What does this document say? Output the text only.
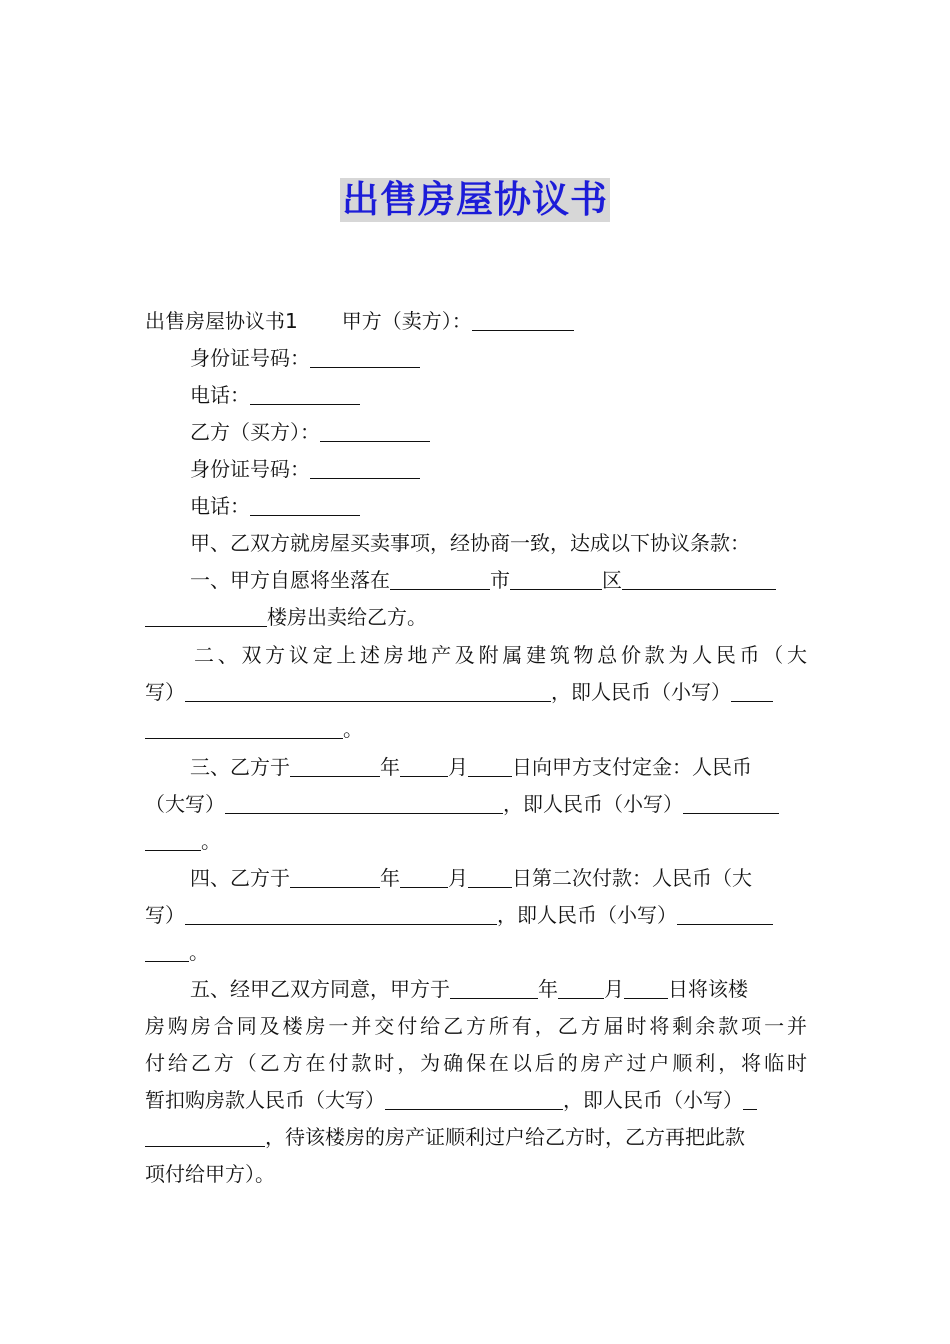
出售房屋协议书
出售房屋协议书1 甲方（卖方）：
身份证号码：
电话：
乙方（买方）：
身份证号码：
电话：
甲、乙双方就房屋买卖事项，经协商一致，达成以下协议条款：
一、甲方自愿将坐落在	市	区
楼房出卖给乙方。
二、双方议定上述房地产及附属建筑物总价款为人民币（大
写）	，即人民币（小写）
。
三、乙方于	年 月 日向甲方支付定金：人民币
（大写）	，即人民币（小写）
。
四、乙方于	年 月 日第二次付款：人民币（大
写）	，即人民币（小写）
。
五、经甲乙双方同意，甲方于	年 月 日将该楼
房购房合同及楼房一并交付给乙方所有，乙方届时将剩余款项一并
付给乙方（乙方在付款时，为确保在以后的房产过户顺利，将临时
暂扣购房款人民币（大写）	，即人民币（小写）
，待该楼房的房产证顺利过户给乙方时，乙方再把此款
项付给甲方）。
